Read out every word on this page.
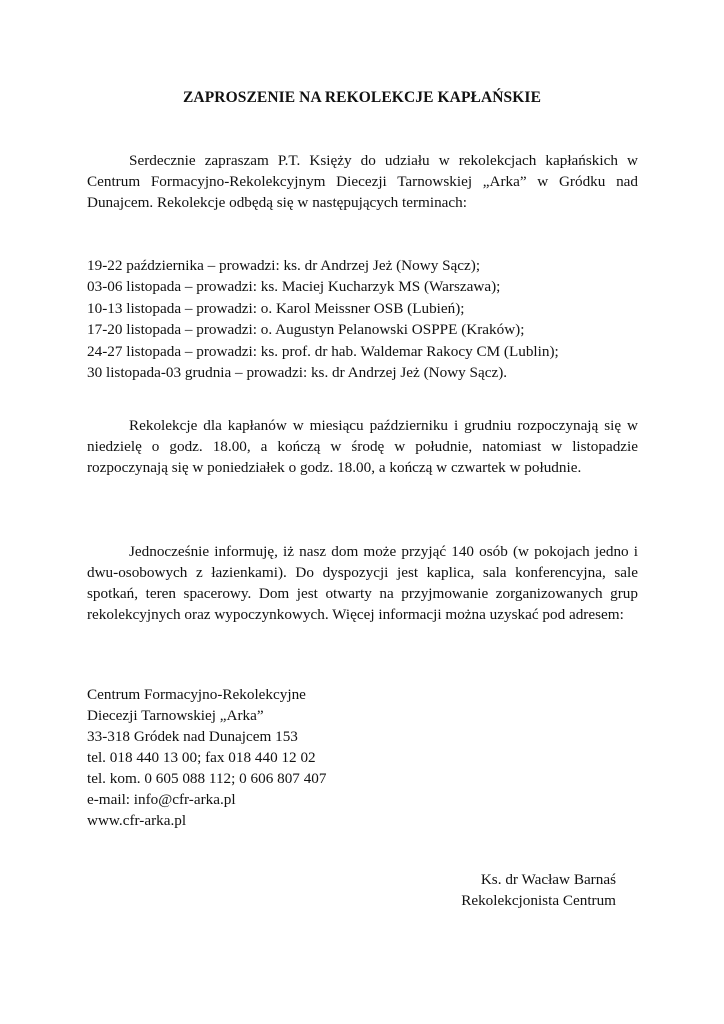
ZAPROSZENIE NA REKOLEKCJE KAPŁAŃSKIE

Serdecznie zapraszam P.T. Księży do udziału w rekolekcjach kapłańskich w Centrum Formacyjno-Rekolekcyjnym Diecezji Tarnowskiej „Arka” w Gródku nad Dunajcem. Rekolekcje odbędą się w następujących terminach:

19-22 października – prowadzi: ks. dr Andrzej Jeż (Nowy Sącz);
03-06 listopada – prowadzi: ks. Maciej Kucharzyk MS (Warszawa);
10-13 listopada – prowadzi: o. Karol Meissner OSB (Lubień);
17-20 listopada – prowadzi: o. Augustyn Pelanowski OSPPE (Kraków);
24-27 listopada – prowadzi: ks. prof. dr hab. Waldemar Rakocy CM (Lublin);
30 listopada-03 grudnia – prowadzi: ks. dr Andrzej Jeż (Nowy Sącz).

Rekolekcje dla kapłanów w miesiącu październiku i grudniu rozpoczynają się w niedzielę o godz. 18.00, a kończą w środę w południe, natomiast w listopadzie rozpoczynają się w poniedziałek o godz. 18.00, a kończą w czwartek w południe.

Jednocześnie informuję, iż nasz dom może przyjąć 140 osób (w pokojach jedno i dwu-osobowych z łazienkami). Do dyspozycji jest kaplica, sala konferencyjna, sale spotkań, teren spacerowy. Dom jest otwarty na przyjmowanie zorganizowanych grup rekolekcyjnych oraz wypoczynkowych. Więcej informacji można uzyskać pod adresem:

Centrum Formacyjno-Rekolekcyjne
Diecezji Tarnowskiej „Arka”
33-318 Gródek nad Dunajcem 153
tel. 018 440 13 00; fax 018 440 12 02
tel. kom. 0 605 088 112; 0 606 807 407
e-mail: info@cfr-arka.pl
www.cfr-arka.pl
Ks. dr Wacław Barnaś
Rekolekcjonista Centrum
